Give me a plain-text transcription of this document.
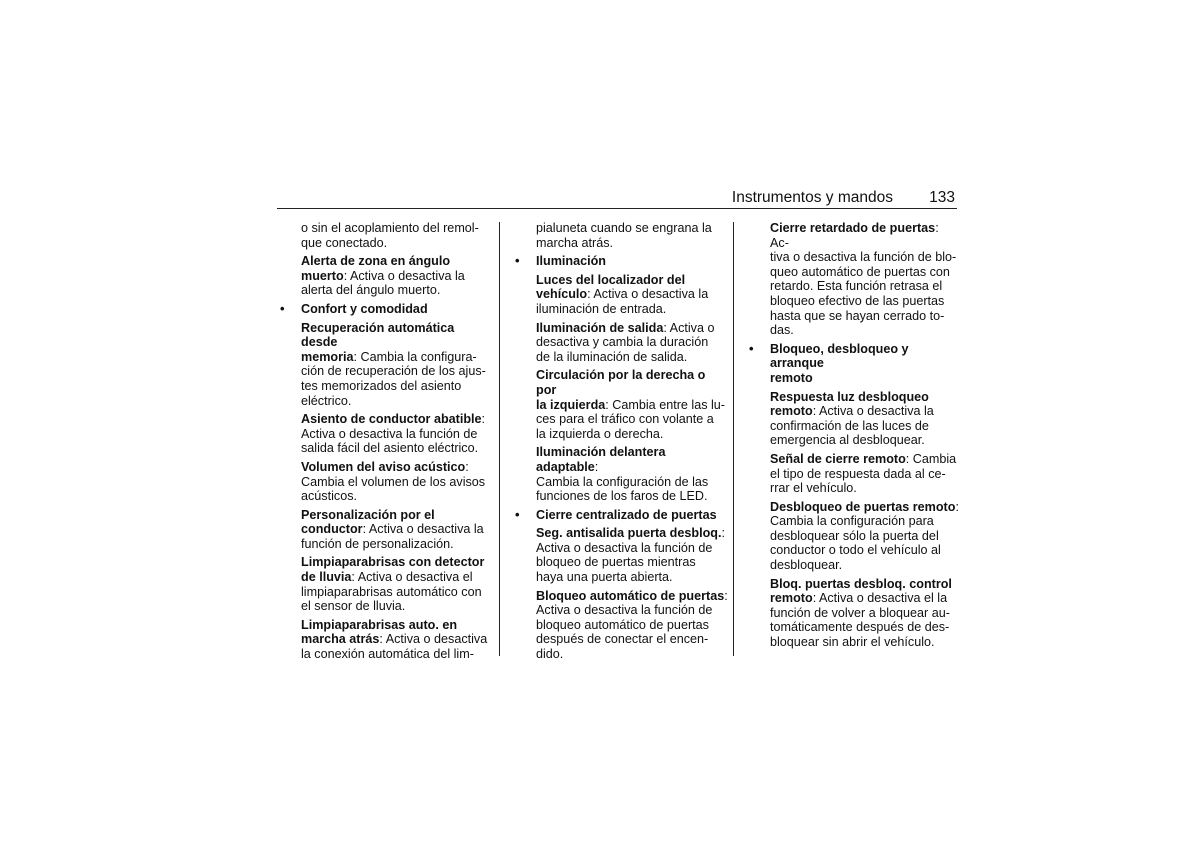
Instrumentos y mandos 133
o sin el acoplamiento del remol-
que conectado.
Alerta de zona en ángulo
muerto: Activa o desactiva la
alerta del ángulo muerto.
• Confort y comodidad
Recuperación automática desde
memoria: Cambia la configura-
ción de recuperación de los ajus-
tes memorizados del asiento
eléctrico.
Asiento de conductor abatible:
Activa o desactiva la función de
salida fácil del asiento eléctrico.
Volumen del aviso acústico:
Cambia el volumen de los avisos
acústicos.
Personalización por el
conductor: Activa o desactiva la
función de personalización.
Limpiaparabrisas con detector
de lluvia: Activa o desactiva el
limpiaparabrisas automático con
el sensor de lluvia.
Limpiaparabrisas auto. en
marcha atrás: Activa o desactiva
la conexión automática del lim-
pialuneta cuando se engrana la
marcha atrás.
• Iluminación
Luces del localizador del
vehículo: Activa o desactiva la
iluminación de entrada.
Iluminación de salida: Activa o
desactiva y cambia la duración
de la iluminación de salida.
Circulación por la derecha o por
la izquierda: Cambia entre las lu-
ces para el tráfico con volante a
la izquierda o derecha.
Iluminación delantera adaptable:
Cambia la configuración de las
funciones de los faros de LED.
• Cierre centralizado de puertas
Seg. antisalida puerta desbloq.:
Activa o desactiva la función de
bloqueo de puertas mientras
haya una puerta abierta.
Bloqueo automático de puertas:
Activa o desactiva la función de
bloqueo automático de puertas
después de conectar el encen-
dido.
Cierre retardado de puertas: Ac-
tiva o desactiva la función de blo-
queo automático de puertas con
retardo. Esta función retrasa el
bloqueo efectivo de las puertas
hasta que se hayan cerrado to-
das.
• Bloqueo, desbloqueo y arranque
remoto
Respuesta luz desbloqueo
remoto: Activa o desactiva la
confirmación de las luces de
emergencia al desbloquear.
Señal de cierre remoto: Cambia
el tipo de respuesta dada al ce-
rrar el vehículo.
Desbloqueo de puertas remoto:
Cambia la configuración para
desbloquear sólo la puerta del
conductor o todo el vehículo al
desbloquear.
Bloq. puertas desbloq. control
remoto: Activa o desactiva el la
función de volver a bloquear au-
tomáticamente después de des-
bloquear sin abrir el vehículo.
